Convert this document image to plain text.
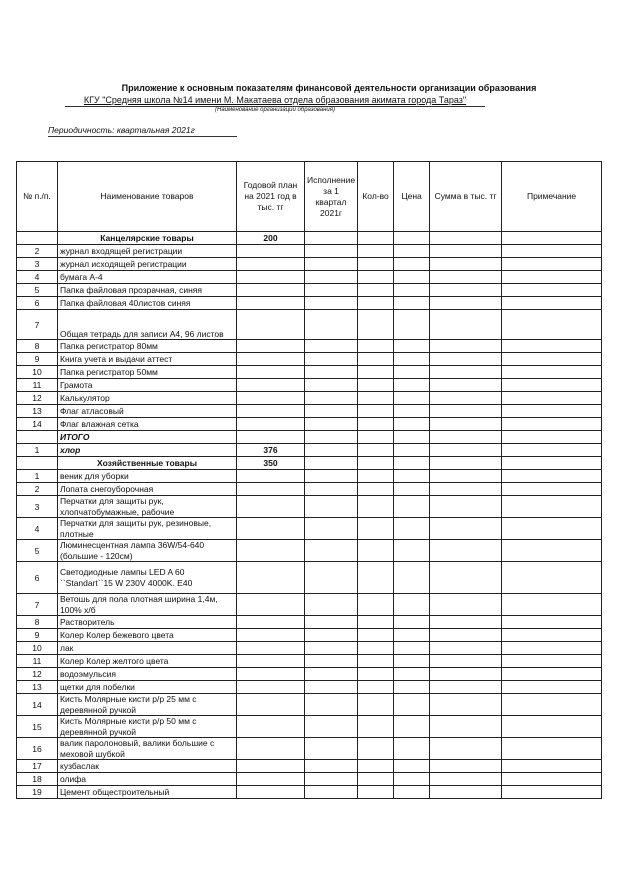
Приложение к основным показателям финансовой деятельности организации образования
КГУ "Средняя школа №14 имени М. Макатаева отдела образования акимата города Тараз"
(Наименование организации образования)
Периодичность: квартальная 2021г
№ п./п.	Наименование товаров	Годовой план на 2021 год в тыс. тг	Исполнение за 1 квартал 2021г	Кол-во	Цена	Сумма в тыс. тг	Примечание
	Канцелярские товары	200					
2	журнал входящей регистрации						
3	журнал исходящей регистрации						
4	бумага А-4						
5	Папка файловая прозрачная, синяя						
6	Папка файловая 40листов синяя						
7	Общая тетрадь для записи А4, 96 листов						
8	Папка регистратор 80мм						
9	Книга учета и выдачи аттест						
10	Папка регистратор 50мм						
11	Грамота						
12	Калькулятор						
13	Флаг атласовый						
14	Флаг влажная сетка						
	ИТОГО						
1	хлор	376					
	Хозяйственные товары	350					
1	веник для уборки						
2	Лопата снегоуборочная						
3	Перчатки для защиты рук, хлопчатобумажные, рабочие						
4	Перчатки для защиты рук, резиновые, плотные						
5	Люминесцентная лампа 36W/54-640 (большие - 120см)						
6	Светодиодные лампы LED A 60 ``Standart``15 W 230V 4000K. E40						
7	Ветошь для пола плотная ширина 1,4м, 100% х/б						
8	Растворитель						
9	Колер Колер бежевого цвета						
10	лак						
11	Колер Колер желтого цвета						
12	водоэмульсия						
13	щетки для побелки						
14	Кисть Молярные кисти р/р 25 мм с деревянной ручкой						
15	Кисть Молярные кисти р/р 50 мм с деревянной ручкой						
16	валик паролоновый, валики большие с меховой шубкой						
17	кузбаслак						
18	олифа						
19	Цемент общестроительный						
